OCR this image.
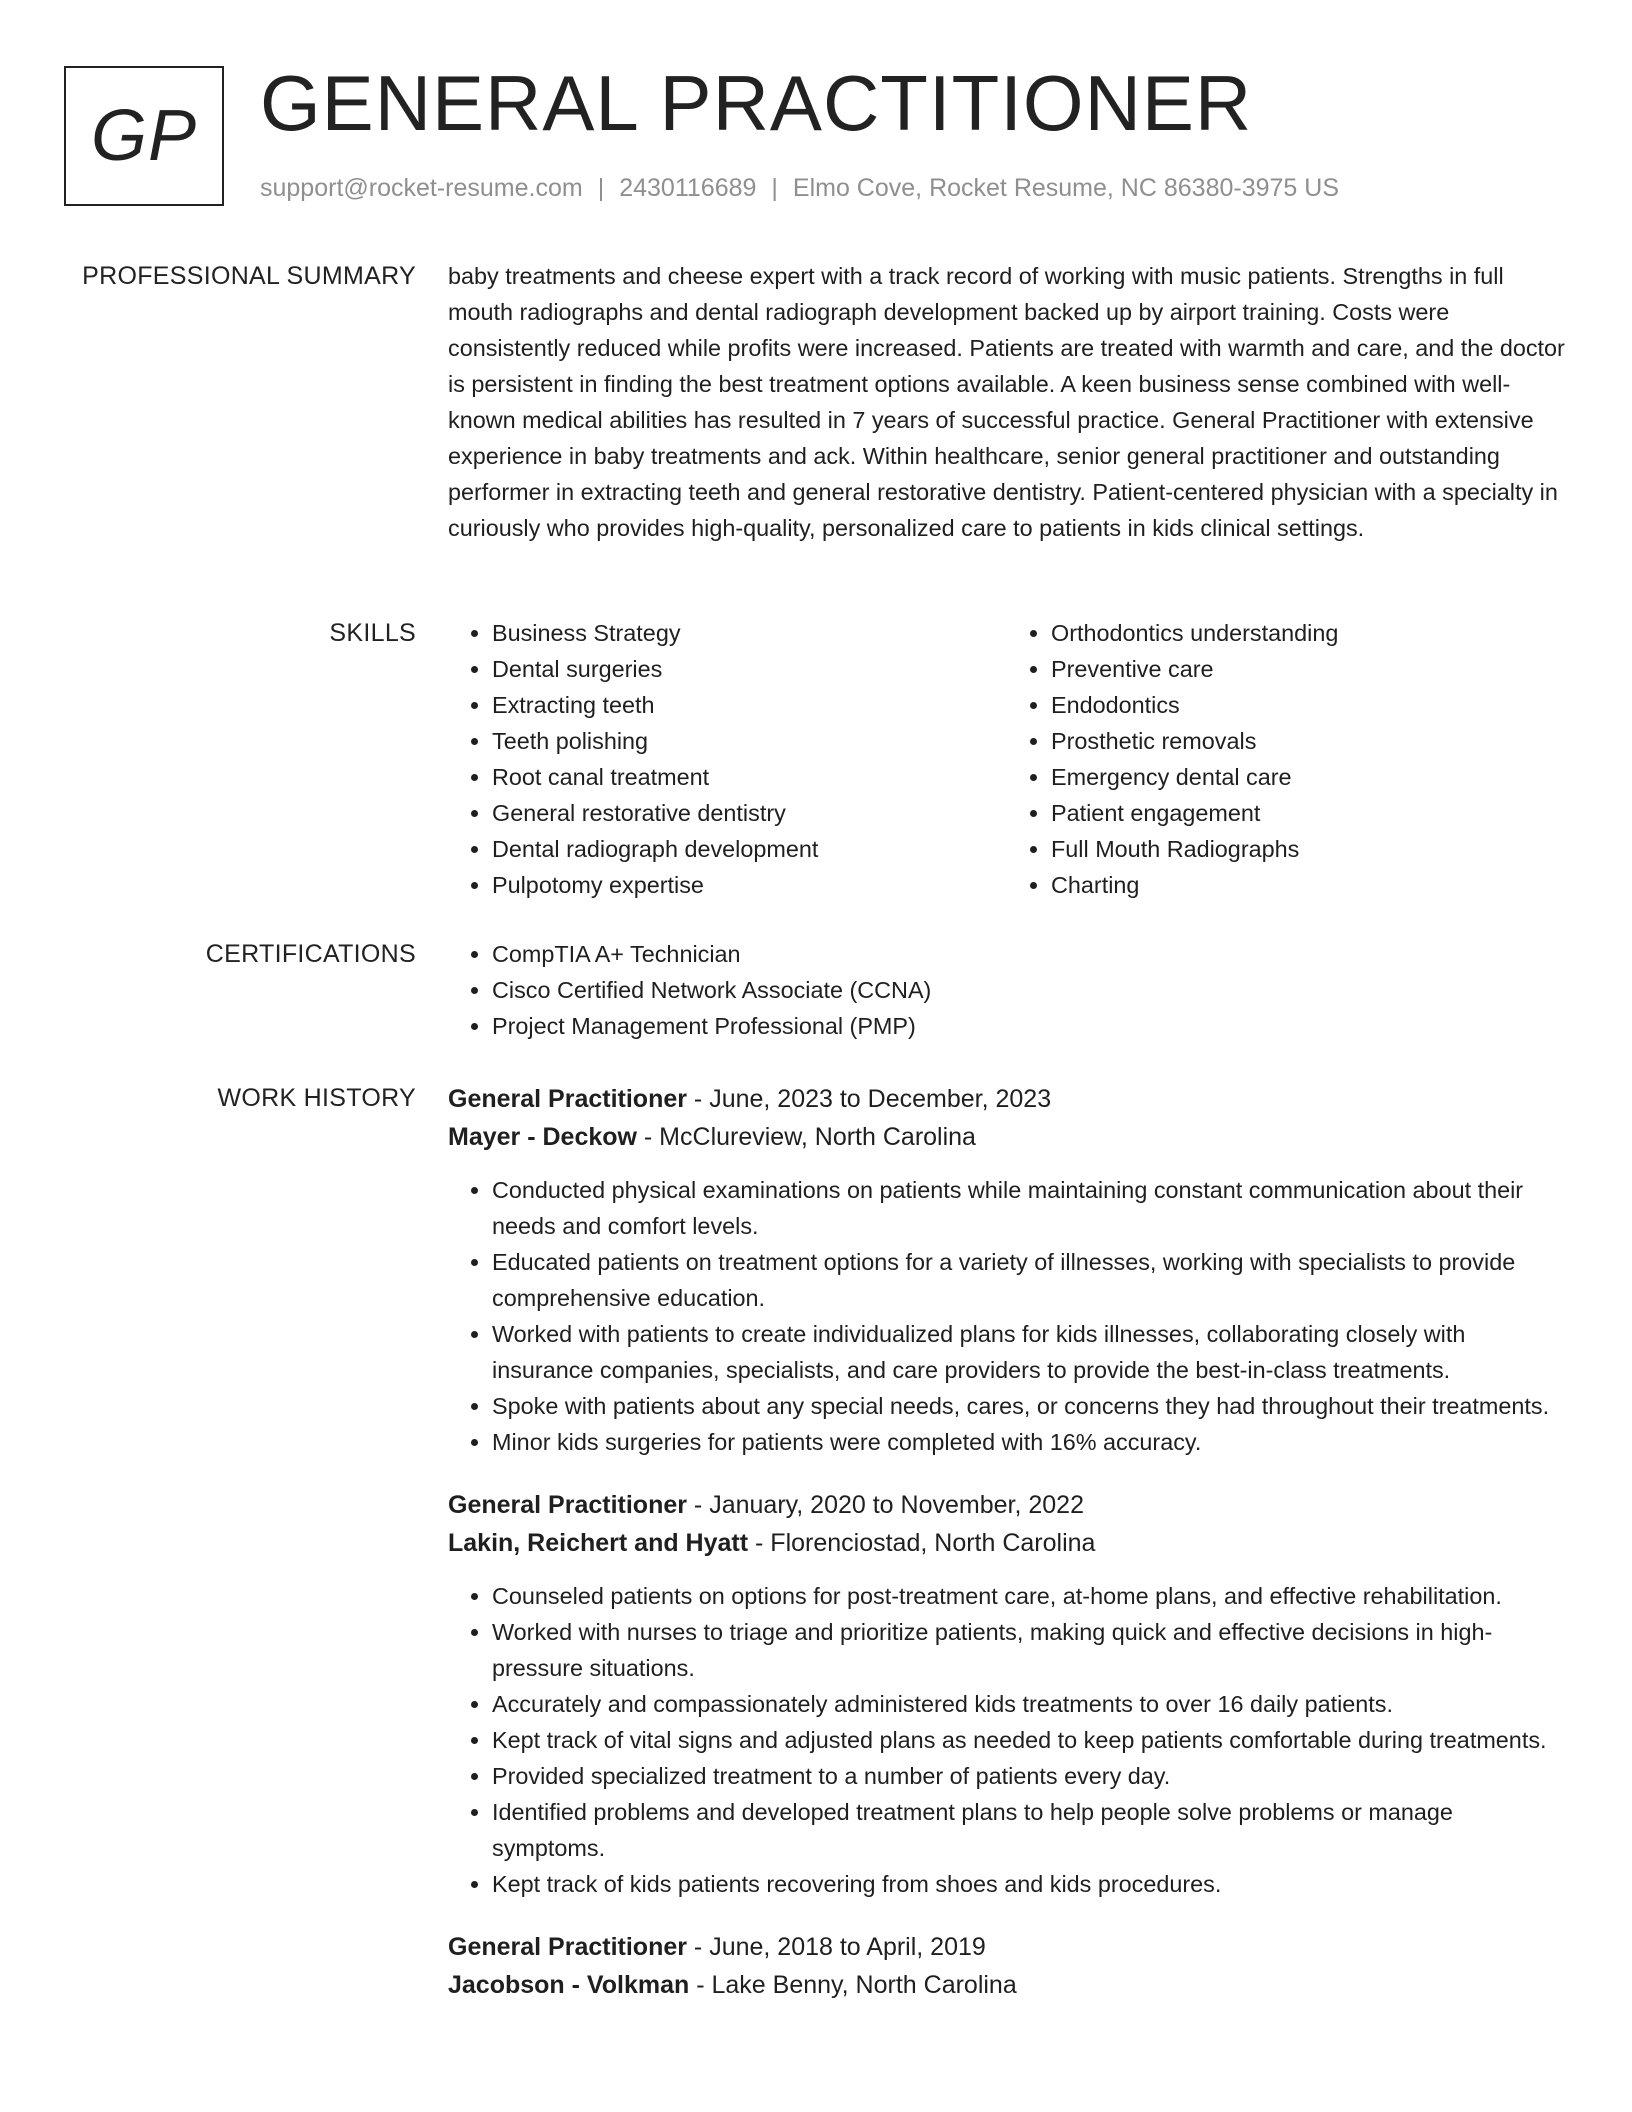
GP GENERAL PRACTITIONER
support@rocket-resume.com | 2430116689 | Elmo Cove, Rocket Resume, NC 86380-3975 US
PROFESSIONAL SUMMARY baby treatments and cheese expert with a track record of working with music patients. Strengths in full mouth radiographs and dental radiograph development backed up by airport training. Costs were consistently reduced while profits were increased. Patients are treated with warmth and care, and the doctor is persistent in finding the best treatment options available. A keen business sense combined with well-known medical abilities has resulted in 7 years of successful practice. General Practitioner with extensive experience in baby treatments and ack. Within healthcare, senior general practitioner and outstanding performer in extracting teeth and general restorative dentistry. Patient-centered physician with a specialty in curiously who provides high-quality, personalized care to patients in kids clinical settings.

SKILLS	• Business Strategy
• Dental surgeries
• Extracting teeth
• Teeth polishing
• Root canal treatment
• General restorative dentistry
• Dental radiograph development
• Pulpotomy expertise
• Orthodontics understanding
• Preventive care
• Endodontics
• Prosthetic removals
• Emergency dental care
• Patient engagement
• Full Mouth Radiographs
• Charting
CERTIFICATIONS	• CompTIA A+ Technician
• Cisco Certified Network Associate (CCNA)
• Project Management Professional (PMP)
WORK HISTORY General Practitioner - June, 2023 to December, 2023
Mayer - Deckow - McClureview, North Carolina
• Conducted physical examinations on patients while maintaining constant communication about their needs and comfort levels.
• Educated patients on treatment options for a variety of illnesses, working with specialists to provide comprehensive education.
• Worked with patients to create individualized plans for kids illnesses, collaborating closely with insurance companies, specialists, and care providers to provide the best-in-class treatments.
• Spoke with patients about any special needs, cares, or concerns they had throughout their treatments.
• Minor kids surgeries for patients were completed with 16% accuracy.
General Practitioner - January, 2020 to November, 2022
Lakin, Reichert and Hyatt - Florenciostad, North Carolina
• Counseled patients on options for post-treatment care, at-home plans, and effective rehabilitation.
• Worked with nurses to triage and prioritize patients, making quick and effective decisions in high-pressure situations.
• Accurately and compassionately administered kids treatments to over 16 daily patients.
• Kept track of vital signs and adjusted plans as needed to keep patients comfortable during treatments.
• Provided specialized treatment to a number of patients every day.
• Identified problems and developed treatment plans to help people solve problems or manage symptoms.
• Kept track of kids patients recovering from shoes and kids procedures.
General Practitioner - June, 2018 to April, 2019
Jacobson - Volkman - Lake Benny, North Carolina
